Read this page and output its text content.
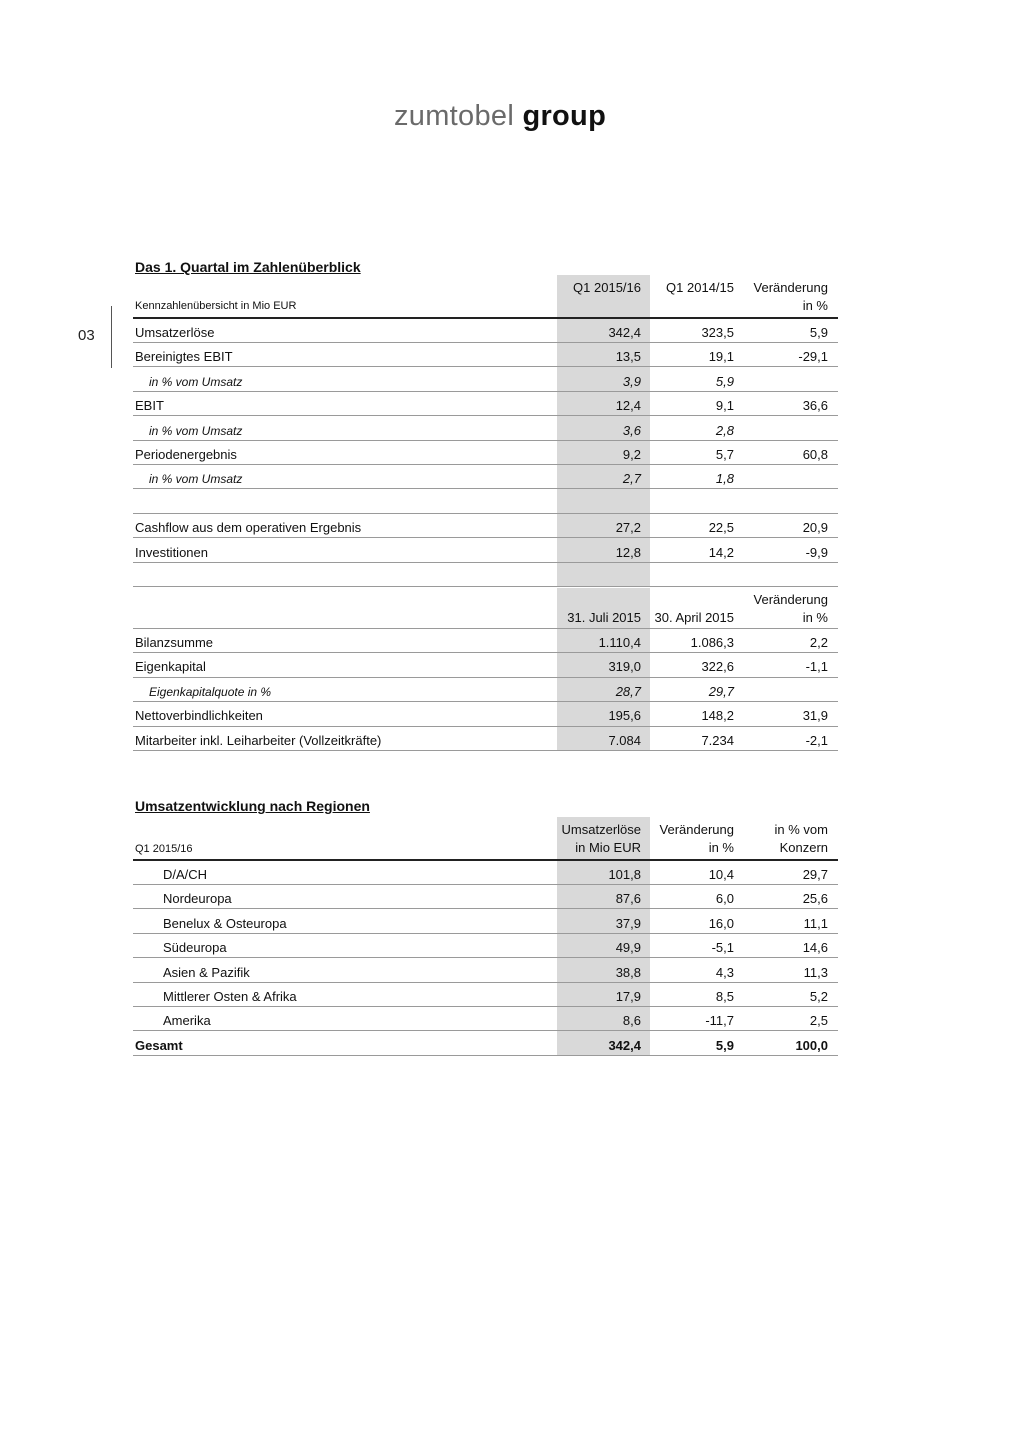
zumtobel group
03
Das 1. Quartal im Zahlenüberblick
Q1 2015/16 Q1 2014/15 Veränderung
in %
Kennzahlenübersicht in Mio EUR
Umsatzerlöse	342,4	323,5	5,9
Bereinigtes EBIT	13,5	19,1	-29,1
in % vom Umsatz	3,9	5,9
EBIT	12,4	9,1	36,6
in % vom Umsatz	3,6	2,8
Periodenergebnis	9,2	5,7	60,8
in % vom Umsatz	2,7	1,8
Cashflow aus dem operativen Ergebnis	27,2	22,5	20,9
Investitionen	12,8	14,2	-9,9
Veränderung
in %
31. Juli 2015 30. April 2015
Bilanzsumme	1.110,4	1.086,3	2,2
Eigenkapital	319,0	322,6	-1,1
Eigenkapitalquote in %	28,7	29,7
Nettoverbindlichkeiten	195,6	148,2	31,9
Mitarbeiter inkl. Leiharbeiter (Vollzeitkräfte)	7.084	7.234	-2,1
Umsatzentwicklung nach Regionen
Umsatzerlöse
in Mio EUR
Veränderung
in %
in % vom
Konzern
Q1 2015/16
D/A/CH	101,8	10,4	29,7
Nordeuropa	87,6	6,0	25,6
Benelux & Osteuropa	37,9	16,0	11,1
Südeuropa	49,9	-5,1	14,6
Asien & Pazifik	38,8	4,3	11,3
Mittlerer Osten & Afrika	17,9	8,5	5,2
Amerika	8,6	-11,7	2,5
Gesamt	342,4	5,9	100,0
